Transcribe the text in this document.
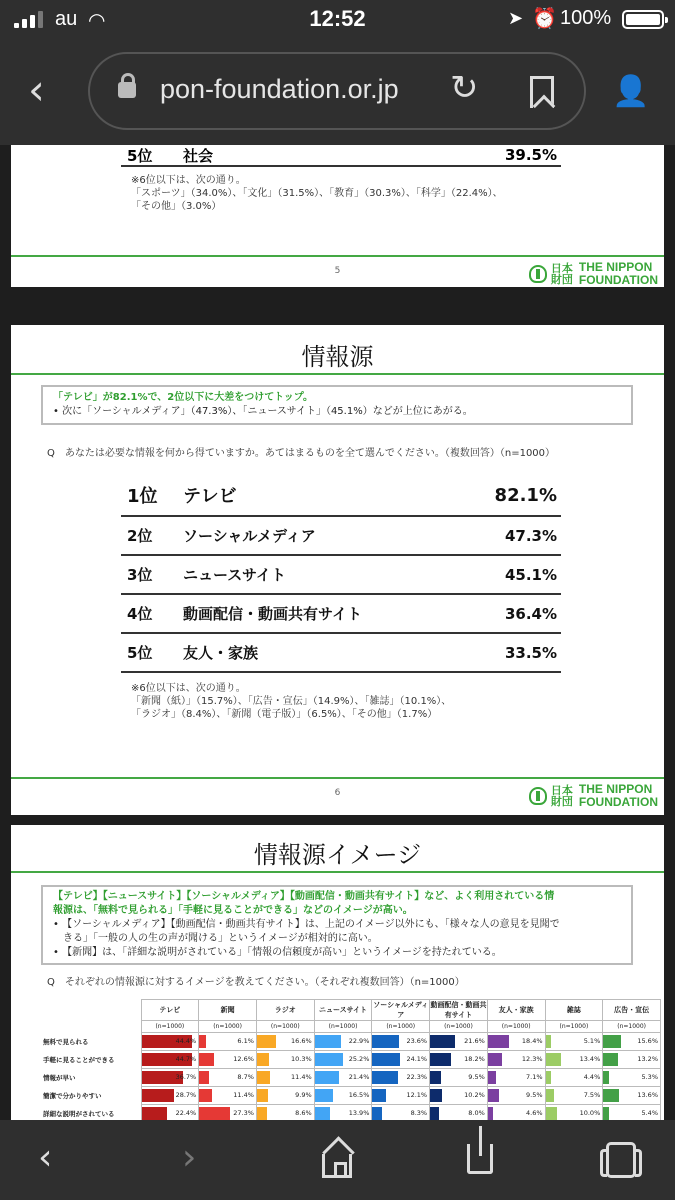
au ◠	12:52	➤ ⏰ 100%
‹	pon-foundation.or.jp ↻	👤
5位	社会	39.5%
※6位以下は、次の通り。
「スポーツ」（34.0%）、「文化」（31.5%）、「教育」（30.3%）、「科学」（22.4%）、
「その他」（3.0%）
5	日本 財団
THE NIPPON
FOUNDATION
情報源
「テレビ」が82.1%で、2位以下に大差をつけてトップ。
• 次に「ソーシャルメディア」（47.3%）、「ニュースサイト」（45.1%）などが上位にあがる。
Q　あなたは必要な情報を何から得ていますか。あてはまるものを全て選んでください。（複数回答）（n=1000）
1位	テレビ	82.1%
2位	ソーシャルメディア	47.3%
3位	ニュースサイト	45.1%
4位	動画配信・動画共有サイト	36.4%
5位	友人・家族	33.5%
※6位以下は、次の通り。
「新聞（紙）」（15.7%）、「広告・宣伝」（14.9%）、「雑誌」（10.1%）、
「ラジオ」（8.4%）、「新聞（電子版）」（6.5%）、「その他」（1.7%）
6	日本 財団
THE NIPPON
FOUNDATION
情報源イメージ
【テレビ】【ニュースサイト】【ソーシャルメディア】【動画配信・動画共有サイト】など、よく利用されている情
報源は、「無料で見られる」「手軽に見ることができる」などのイメージが高い。
• 【ソーシャルメディア】【動画配信・動画共有サイト】は、上記のイメージ以外にも、「様々な人の意見を見聞で
　きる」「一般の人の生の声が聞ける」というイメージが相対的に高い。
• 【新聞】は、「詳細な説明がされている」「情報の信頼度が高い」というイメージを持たれている。
Q　それぞれの情報源に対するイメージを教えてください。（それぞれ複数回答）（n=1000）
	テレビ	新聞	ラジオ	ニュースサイト	ソーシャルメディア	動画配信・動画共有サイト	友人・家族	雑誌	広告・宣伝
	(n=1000)	(n=1000)	(n=1000)	(n=1000)	(n=1000)	(n=1000)	(n=1000)	(n=1000)	(n=1000)
無料で見られる	44.4%	6.1%	16.6%	22.9%	23.6%	21.6%	18.4%	5.1%	15.6%

手軽に見ることができる	44.7%	12.6%	10.3%	25.2%	24.1%	18.2%	12.3%	13.4%	13.2%

情報が早い	36.7%	8.7%	11.4%	21.4%	22.3%	9.5%	7.1%	4.4%	5.3%

簡潔で分かりやすい	28.7%	11.4%	9.9%	16.5%	12.1%	10.2%	9.5%	7.5%	13.6%

詳細な説明がされている	22.4%	27.3%	8.6%	13.9%	8.3%	8.0%	4.6%	10.0%	5.4%
‹	›
